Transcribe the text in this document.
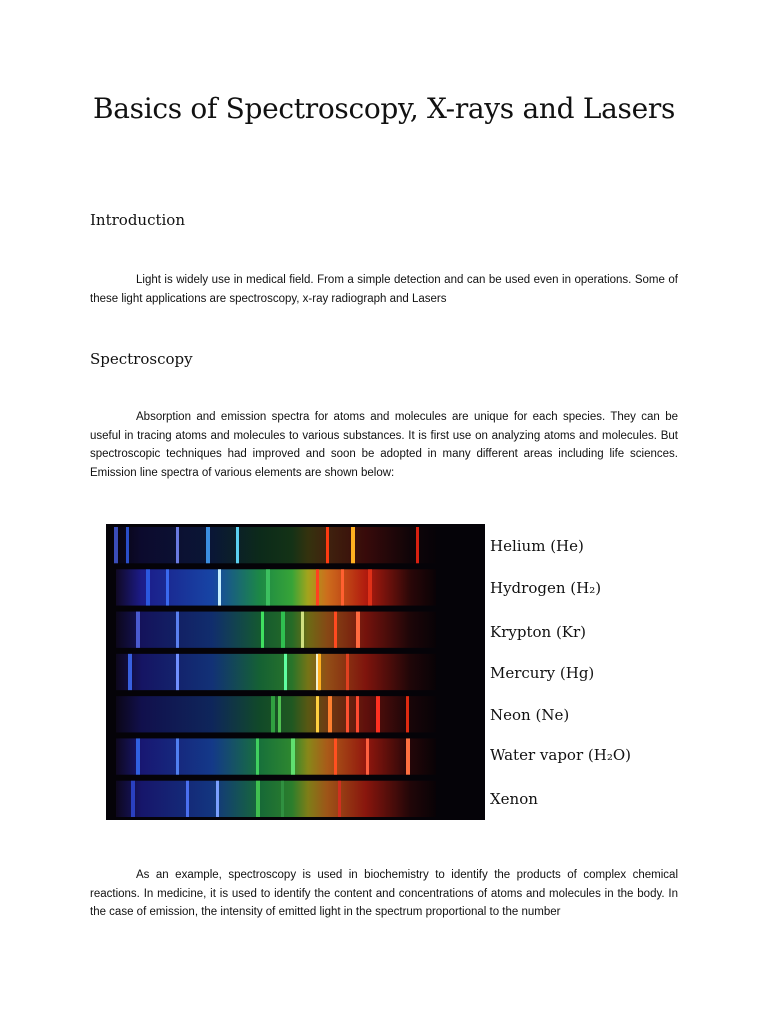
Basics of Spectroscopy, X-rays and Lasers
Introduction

Light is widely use in medical field. From a simple detection and can be used even in operations. Some of these light applications are spectroscopy, x-ray radiograph and Lasers

Spectroscopy

Absorption and emission spectra for atoms and molecules are unique for each species. They can be useful in tracing atoms and molecules to various substances. It is first use on analyzing atoms and molecules. But spectroscopic techniques had improved and soon be adopted in many different areas including life sciences. Emission line spectra of various elements are shown below:

Helium (He)
Hydrogen (H₂)
Krypton (Kr)
Mercury (Hg)
Neon (Ne)
Water vapor (H₂O)
Xenon

As an example, spectroscopy is used in biochemistry to identify the products of complex chemical reactions. In medicine, it is used to identify the content and concentrations of atoms and molecules in the body. In the case of emission, the intensity of emitted light in the spectrum proportional to the number
